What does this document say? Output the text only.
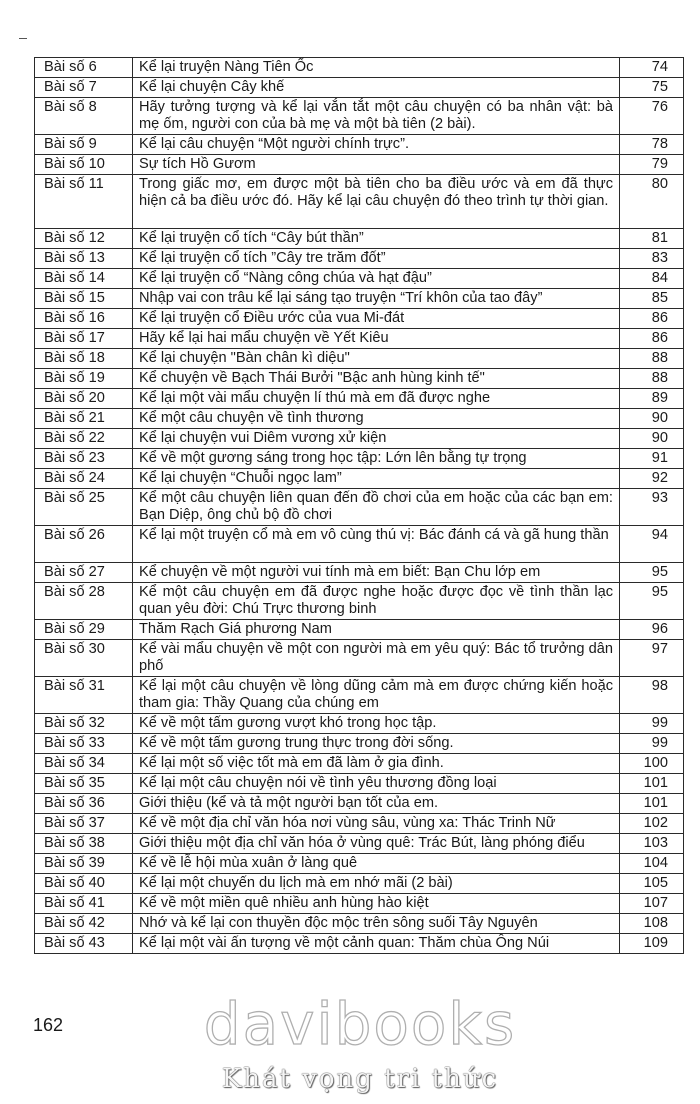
Bài số 6	Kể lại truyện Nàng Tiên Ốc	74
Bài số 7	Kể lại chuyện Cây khế	75
Bài số 8	Hãy tưởng tượng và kể lại vắn tắt một câu chuyện có ba nhân vật: bà mẹ ốm, người con của bà mẹ và một bà tiên (2 bài).	76
Bài số 9	Kể lại câu chuyện “Một người chính trực”.	78
Bài số 10	Sự tích Hồ Gươm	79
Bài số 11	Trong giấc mơ, em được một bà tiên cho ba điều ước và em đã thực hiện cả ba điều ước đó. Hãy kể lại câu chuyện đó theo trình tự thời gian.	80
Bài số 12	Kể lại truyện cổ tích “Cây bút thần”	81
Bài số 13	Kể lại truyện cổ tích ”Cây tre trăm đốt”	83
Bài số 14	Kể lại truyện cổ “Nàng công chúa và hạt đậu”	84
Bài số 15	Nhập vai con trâu kể lại sáng tạo truyện “Trí khôn của tao đây”	85
Bài số 16	Kể lại truyện cổ Điều ước của vua Mi-đát	86
Bài số 17	Hãy kể lại hai mẩu chuyện về Yết Kiêu	86
Bài số 18	Kể lại chuyện "Bàn chân kì diệu"	88
Bài số 19	Kể chuyện về Bạch Thái Bưởi "Bậc anh hùng kinh tế"	88
Bài số 20	Kể lại một vài mẩu chuyện lí thú mà em đã được nghe	89
Bài số 21	Kể một câu chuyện về tình thương	90
Bài số 22	Kể lại chuyện vui Diêm vương xử kiện	90
Bài số 23	Kể về một gương sáng trong học tập: Lớn lên bằng tự trọng	91
Bài số 24	Kể lại chuyện “Chuỗi ngọc lam”	92
Bài số 25	Kể một câu chuyện liên quan đến đồ chơi của em hoặc của các bạn em: Bạn Diệp, ông chủ bộ đồ chơi	93
Bài số 26	Kể lại một truyện cổ mà em vô cùng thú vị: Bác đánh cá và gã hung thần	94
Bài số 27	Kể chuyện về một người vui tính mà em biết: Bạn Chu lớp em	95
Bài số 28	Kể một câu chuyện em đã được nghe hoặc được đọc về tình thần lạc quan yêu đời: Chú Trực thương binh	95
Bài số 29	Thăm Rạch Giá phương Nam	96
Bài số 30	Kể vài mẩu chuyện về một con người mà em yêu quý: Bác tổ trưởng dân phố	97
Bài số 31	Kể lại một câu chuyện về lòng dũng cảm mà em được chứng kiến hoặc tham gia: Thầy Quang của chúng em	98
Bài số 32	Kể về một tấm gương vượt khó trong học tập.	99
Bài số 33	Kể về một tấm gương trung thực trong đời sống.	99
Bài số 34	Kể lại một số việc tốt mà em đã làm ở gia đình.	100
Bài số 35	Kể lại một câu chuyện nói về tình yêu thương đồng loại	101
Bài số 36	Giới thiệu (kể và tả một người bạn tốt của em.	101
Bài số 37	Kể về một địa chỉ văn hóa nơi vùng sâu, vùng xa: Thác Trinh Nữ	102
Bài số 38	Giới thiệu một địa chỉ văn hóa ở vùng quê: Trác Bút, làng phóng điểu	103
Bài số 39	Kể về lễ hội mùa xuân ở làng quê	104
Bài số 40	Kể lại một chuyến du lịch mà em nhớ mãi (2 bài)	105
Bài số 41	Kể về một miền quê nhiều anh hùng hào kiệt	107
Bài số 42	Nhớ và kể lại con thuyền độc mộc trên sông suối Tây Nguyên	108
Bài số 43	Kể lại một vài ấn tượng về một cảnh quan: Thăm chùa Ông Núi	109
162	davibooks
Khát vọng tri thức
